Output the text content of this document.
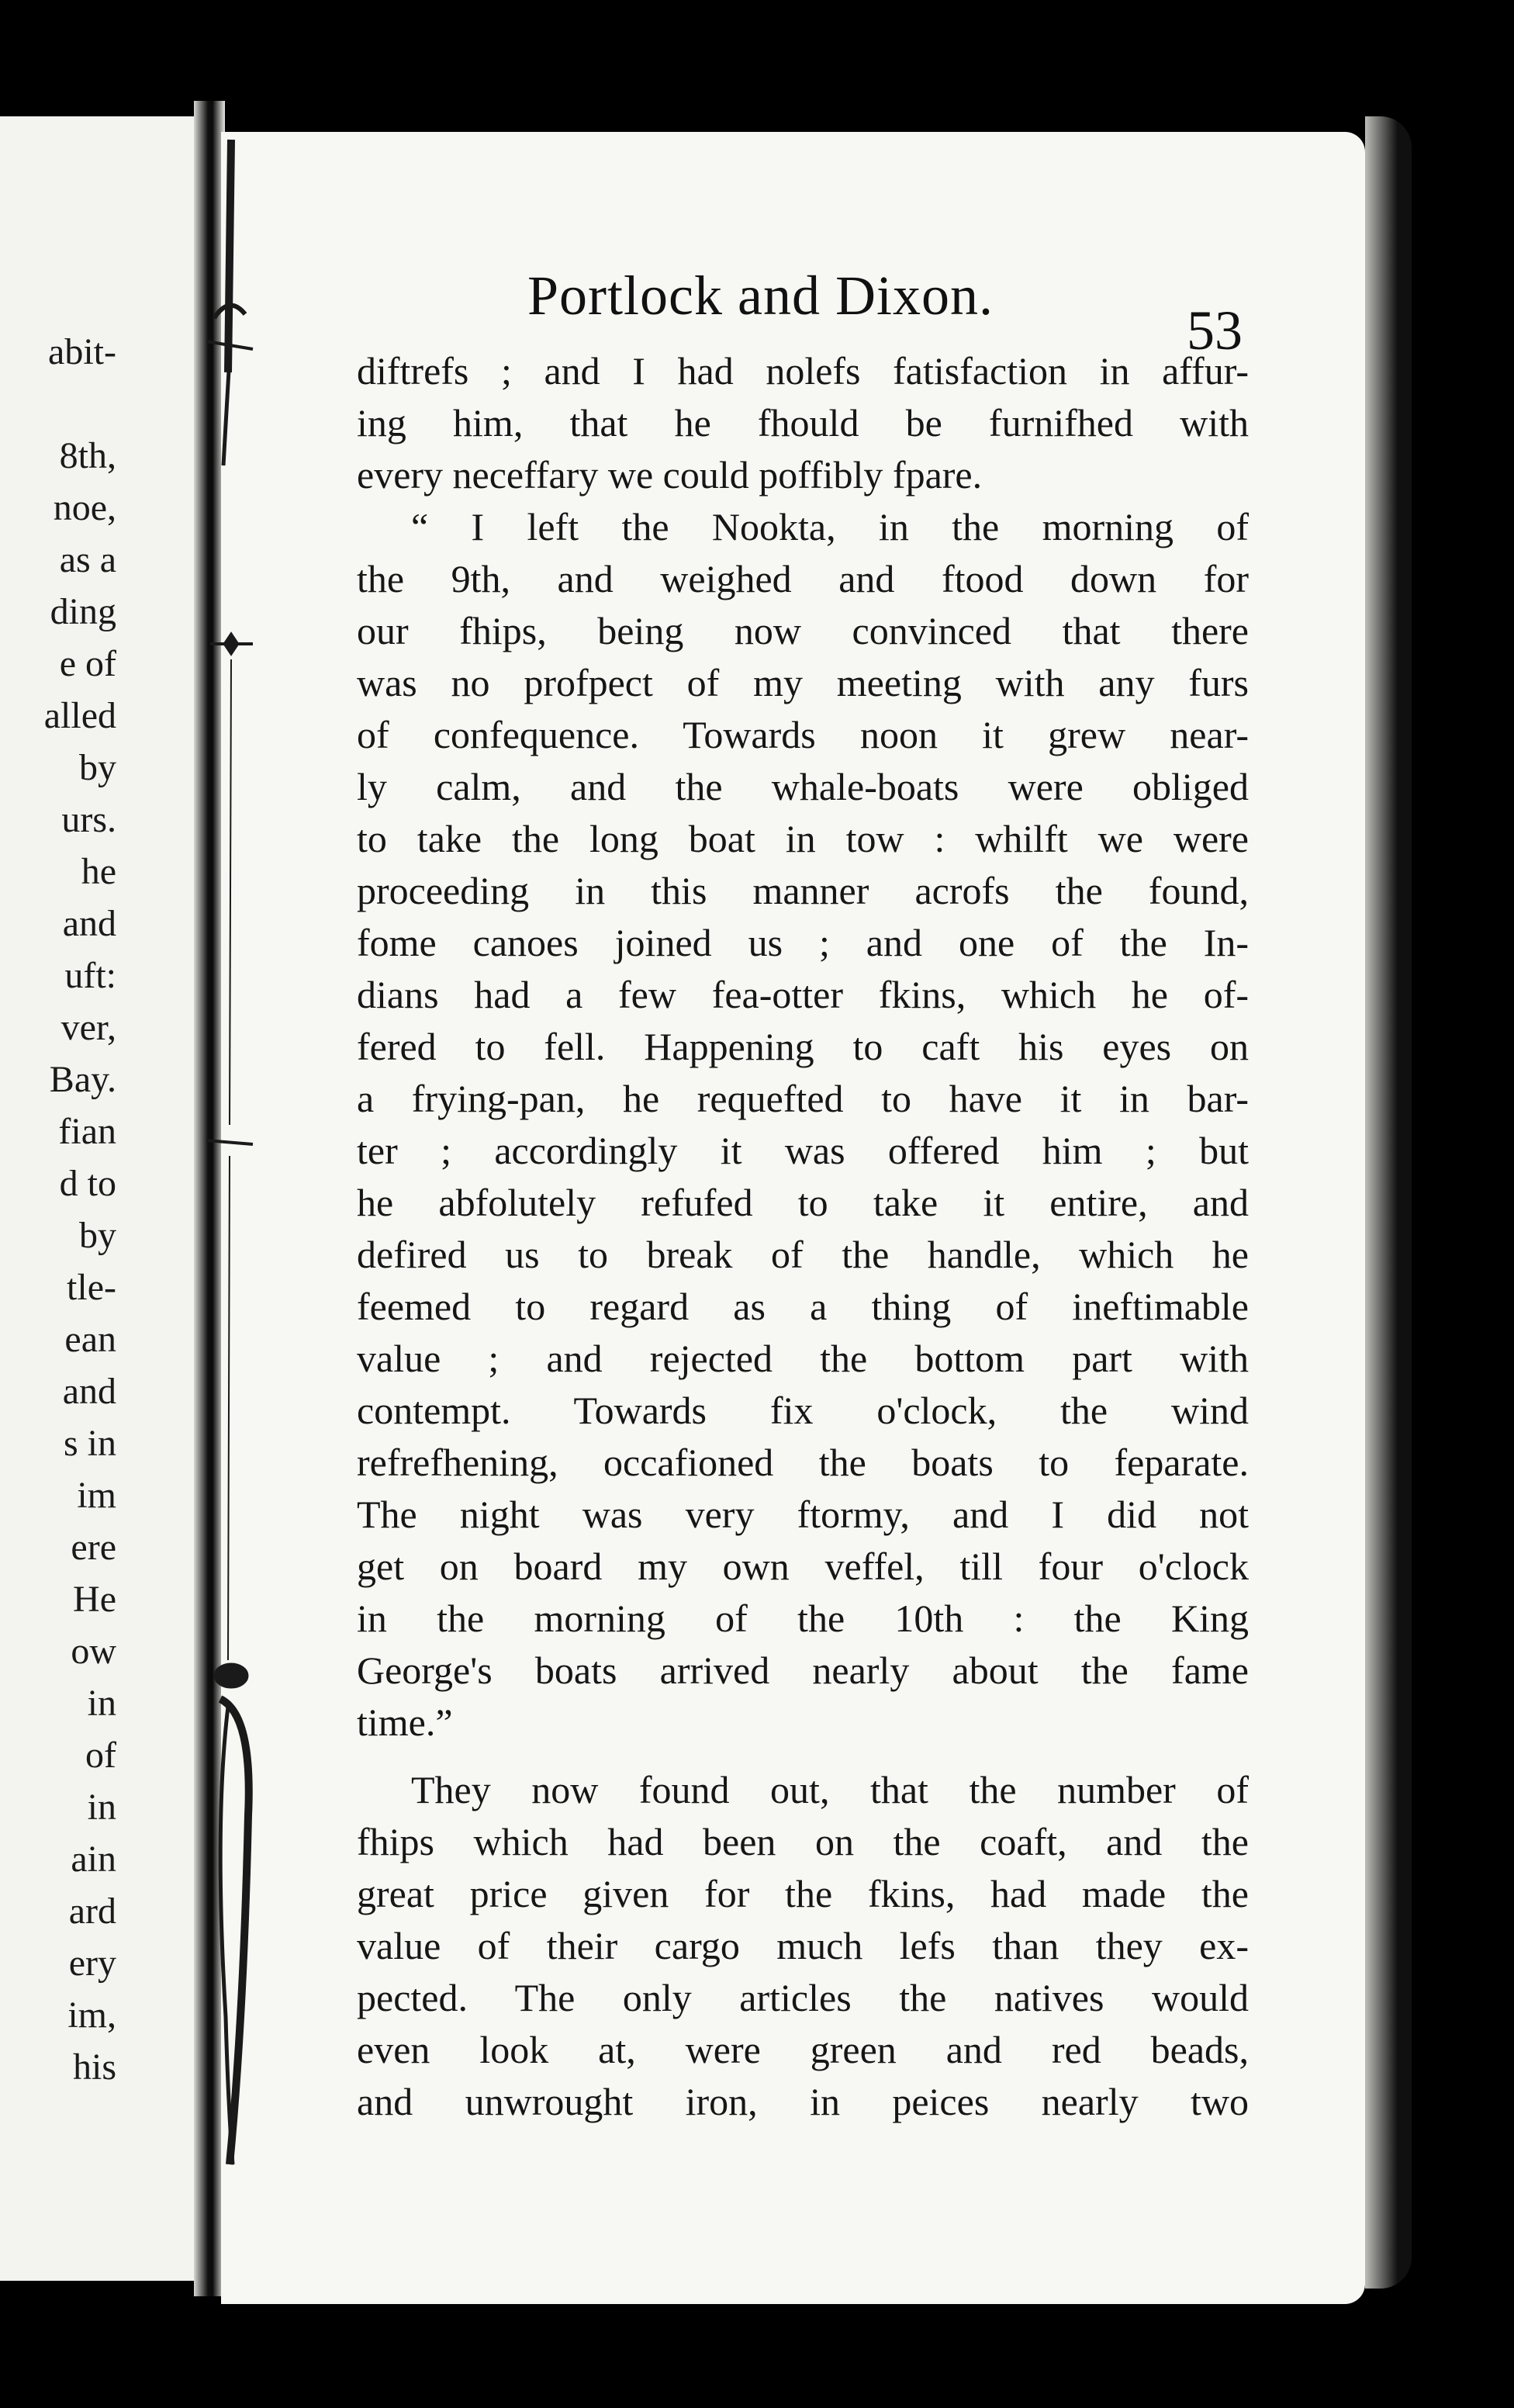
abit-
8th,
noe,
as a
ding
e of
alled
by
urs.
he
and
uft:
ver,
Bay.
fian
d to
by
tle-
ean
and
s in
im
ere
He
ow
in
of
in
ain
ard
ery
im,
his
Portlock and Dixon.
53
diftrefs ; and I had nolefs fatisfaction in affur-
ing him, that he fhould be furnifhed with
every neceffary we could poffibly fpare.
“ I left the Nookta, in the morning of
the 9th, and weighed and ftood down for
our fhips, being now convinced that there
was no profpect of my meeting with any furs
of confequence. Towards noon it grew near-
ly calm, and the whale-boats were obliged
to take the long boat in tow : whilft we were
proceeding in this manner acrofs the found,
fome canoes joined us ; and one of the In-
dians had a few fea-otter fkins, which he of-
fered to fell. Happening to caft his eyes on
a frying-pan, he requefted to have it in bar-
ter ; accordingly it was offered him ; but
he abfolutely refufed to take it entire, and
defired us to break of the handle, which he
feemed to regard as a thing of ineftimable
value ; and rejected the bottom part with
contempt. Towards fix o'clock, the wind
refrefhening, occafioned the boats to feparate.
The night was very ftormy, and I did not
get on board my own veffel, till four o'clock
in the morning of the 10th : the King
George's boats arrived nearly about the fame
time.”
They now found out, that the number of
fhips which had been on the coaft, and the
great price given for the fkins, had made the
value of their cargo much lefs than they ex-
pected. The only articles the natives would
even look at, were green and red beads,
and unwrought iron, in peices nearly two
